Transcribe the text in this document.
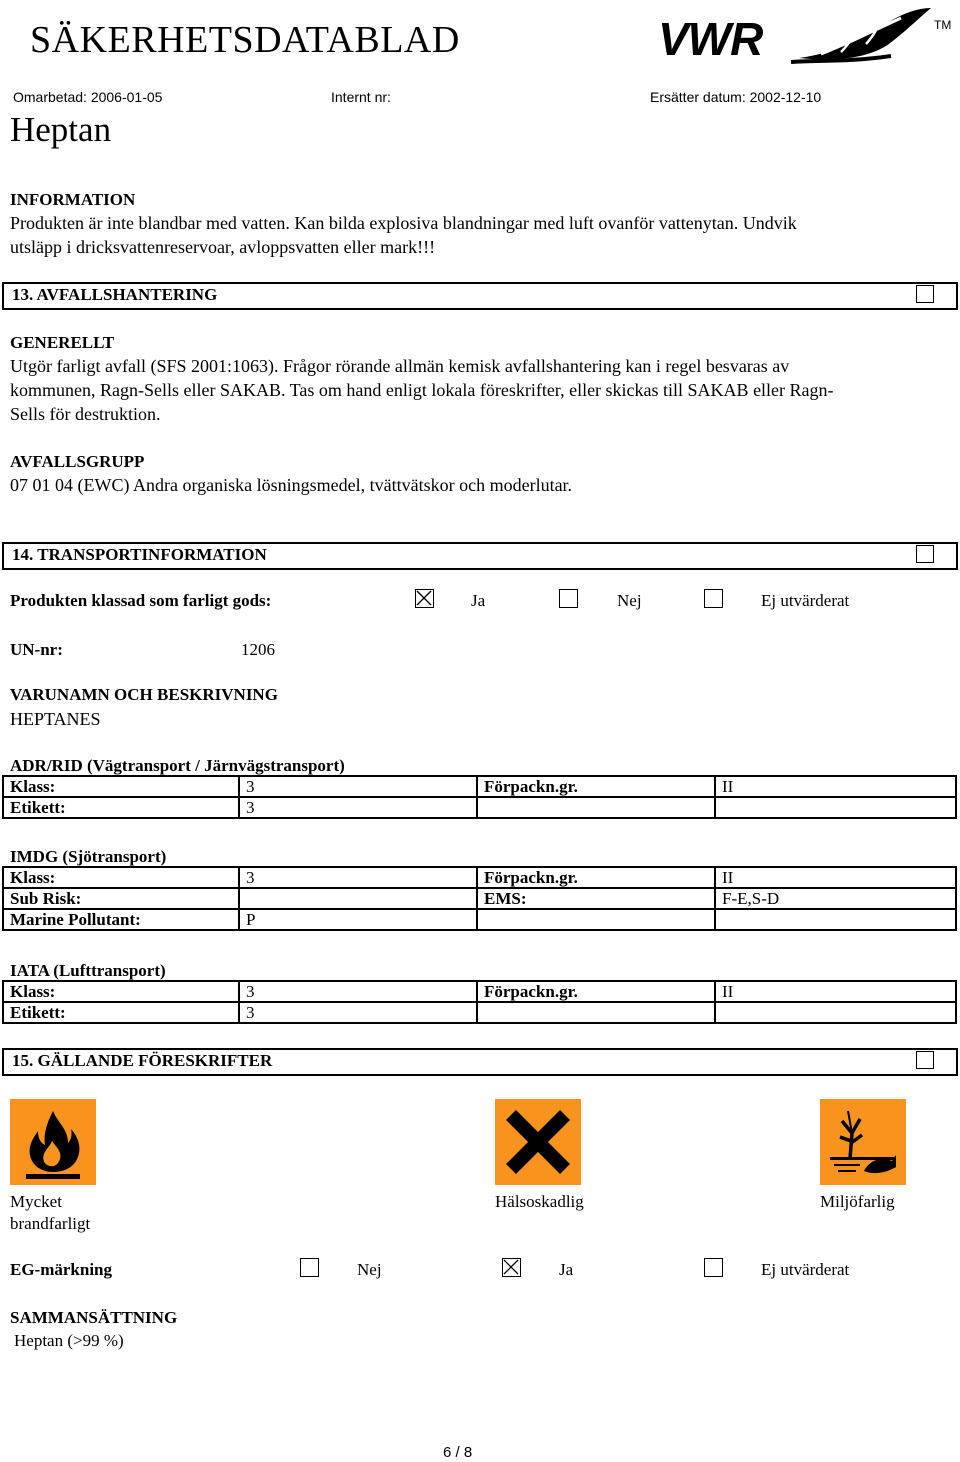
SÄKERHETSDATABLAD	VWR	TM
Omarbetad: 2006-01-05	Internt nr:	Ersätter datum: 2002-12-10
Heptan
INFORMATION
Produkten är inte blandbar med vatten. Kan bilda explosiva blandningar med luft ovanför vattenytan. Undvik
utsläpp i dricksvattenreservoar, avloppsvatten eller mark!!!
13. AVFALLSHANTERING
GENERELLT
Utgör farligt avfall (SFS 2001:1063). Frågor rörande allmän kemisk avfallshantering kan i regel besvaras av
kommunen, Ragn-Sells eller SAKAB. Tas om hand enligt lokala föreskrifter, eller skickas till SAKAB eller Ragn-
Sells för destruktion.
AVFALLSGRUPP
07 01 04 (EWC) Andra organiska lösningsmedel, tvättvätskor och moderlutar.
14. TRANSPORTINFORMATION
Produkten klassad som farligt gods:	Ja	Nej	Ej utvärderat
UN-nr:	1206
VARUNAMN OCH BESKRIVNING
HEPTANES
ADR/RID (Vägtransport / Järnvägstransport)
Klass:	3	Förpackn.gr.	II
Etikett:	3		
IMDG (Sjötransport)
Klass:	3	Förpackn.gr.	II
Sub Risk:		EMS:	F-E,S-D
Marine Pollutant:	P		
IATA (Lufttransport)
Klass:	3	Förpackn.gr.	II
Etikett:	3		
15. GÄLLANDE FÖRESKRIFTER
Mycket
brandfarligt
Hälsoskadlig	Miljöfarlig
EG-märkning	Nej	Ja	Ej utvärderat
SAMMANSÄTTNING
Heptan (>99 %)
6 / 8
